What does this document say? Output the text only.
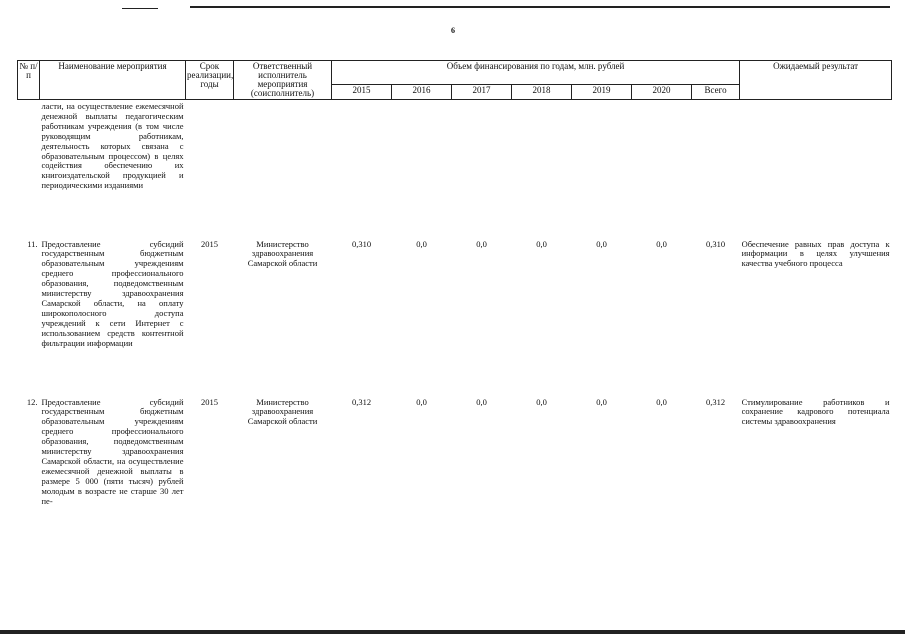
6
№ п/п	Наименование мероприятия	Срок реализации, годы	Ответственный исполнитель мероприятия (соисполнитель)	Объем финансирования по годам, млн. рублей							Ожидаемый результат
				2015	2016	2017	2018	2019	2020	Всего	
	ласти, на осуществление ежемесячной денежной выплаты педагогическим работникам учреждения (в том числе руководящим работникам, деятельность которых связана с образовательным процессом) в целях содействия обеспечению их книгоиздательской продукцией и периодическими изданиями										
11.	Предоставление субсидий государственным бюджетным образовательным учреждениям среднего профессионального образования, подведомственным министерству здравоохранения Самарской области, на оплату широкополосного доступа учреждений к сети Интернет с использованием средств контентной фильтрации информации	2015	Министерство здравоохранения Самарской области	0,310	0,0	0,0	0,0	0,0	0,0	0,310	Обеспечение равных прав доступа к информации в целях улучшения качества учебного процесса
12.	Предоставление субсидий государственным бюджетным образовательным учреждениям среднего профессионального образования, подведомственным министерству здравоохранения Самарской области, на осуществление ежемесячной денежной выплаты в размере 5 000 (пяти тысяч) рублей молодым в возрасте не старше 30 лет пе-	2015	Министерство здравоохранения Самарской области	0,312	0,0	0,0	0,0	0,0	0,0	0,312	Стимулирование работников и сохранение кадрового потенциала системы здравоохранения
